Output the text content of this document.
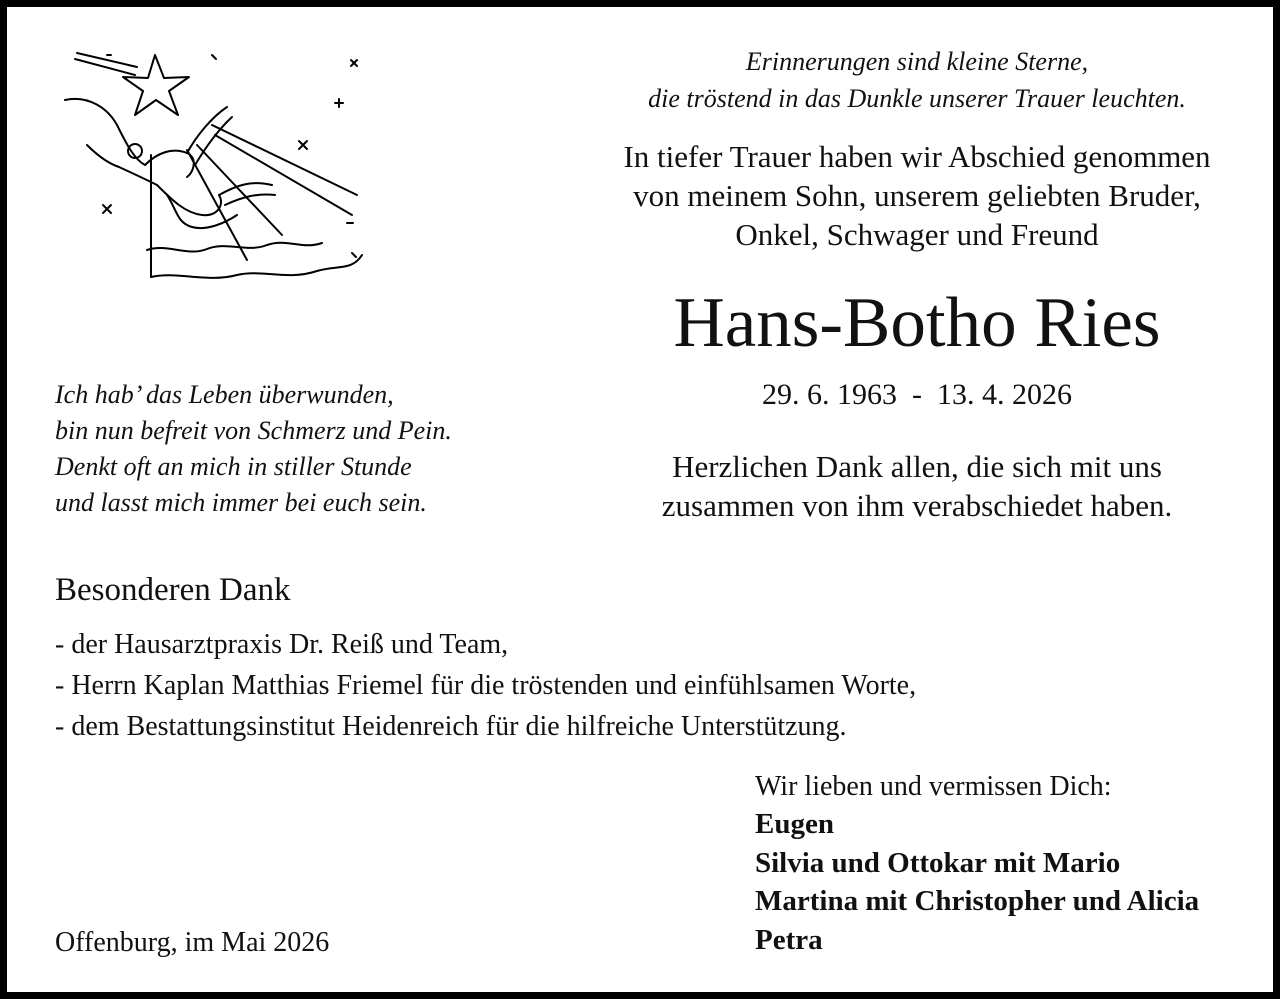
Erinnerungen sind kleine Sterne,
die tröstend in das Dunkle unserer Trauer leuchten.
In tiefer Trauer haben wir Abschied genommen
von meinem Sohn, unserem geliebten Bruder,
Onkel, Schwager und Freund
Hans-Botho Ries
29. 6. 1963  -  13. 4. 2026
Ich hab’ das Leben überwunden,
bin nun befreit von Schmerz und Pein.
Denkt oft an mich in stiller Stunde
und lasst mich immer bei euch sein.
Herzlichen Dank allen, die sich mit uns
zusammen von ihm verabschiedet haben.
Besonderen Dank
- der Hausarztpraxis Dr. Reiß und Team,
- Herrn Kaplan Matthias Friemel für die tröstenden und einfühlsamen Worte,
- dem Bestattungsinstitut Heidenreich für die hilfreiche Unterstützung.
Wir lieben und vermissen Dich:
Eugen
Silvia und Ottokar mit Mario
Martina mit Christopher und Alicia
Petra
Offenburg, im Mai 2026
